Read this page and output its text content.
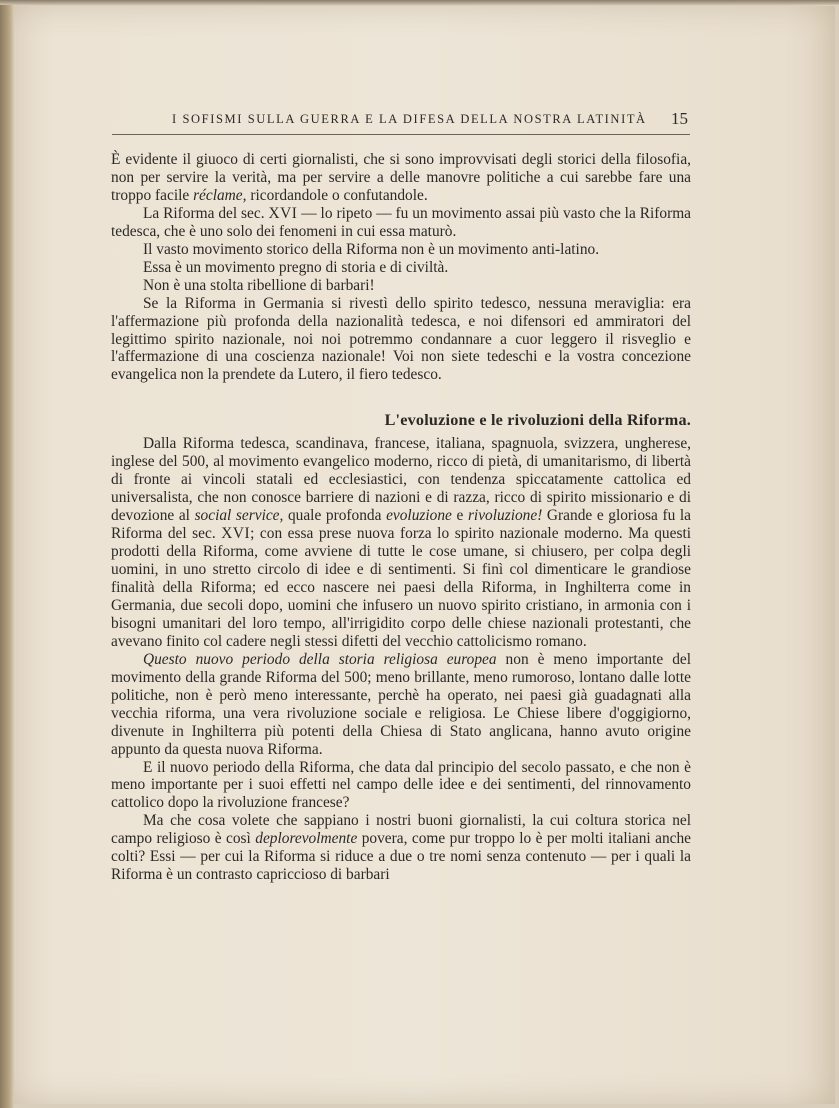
I SOFISMI SULLA GUERRA E LA DIFESA DELLA NOSTRA LATINITÀ 15

È evidente il giuoco di certi giornalisti, che si sono improvvisati degli storici della filosofia, non per servire la verità, ma per servire a delle manovre politiche a cui sarebbe fare una troppo facile réclame, ricordandole o confutandole.

La Riforma del sec. XVI — lo ripeto — fu un movimento assai più vasto che la Riforma tedesca, che è uno solo dei fenomeni in cui essa maturò.

Il vasto movimento storico della Riforma non è un movimento anti-latino.

Essa è un movimento pregno di storia e di civiltà.

Non è una stolta ribellione di barbari!

Se la Riforma in Germania si rivestì dello spirito tedesco, nessuna meraviglia: era l'affermazione più profonda della nazionalità tedesca, e noi difensori ed ammiratori del legittimo spirito nazionale, noi noi potremmo condannare a cuor leggero il risveglio e l'affermazione di una coscienza nazionale! Voi non siete tedeschi e la vostra concezione evangelica non la prendete da Lutero, il fiero tedesco.

L'evoluzione e le rivoluzioni della Riforma.

Dalla Riforma tedesca, scandinava, francese, italiana, spagnuola, svizzera, ungherese, inglese del 500, al movimento evangelico moderno, ricco di pietà, di umanitarismo, di libertà di fronte ai vincoli statali ed ecclesiastici, con tendenza spiccatamente cattolica ed universalista, che non conosce barriere di nazioni e di razza, ricco di spirito missionario e di devozione al social service, quale profonda evoluzione e rivoluzione! Grande e gloriosa fu la Riforma del sec. XVI; con essa prese nuova forza lo spirito nazionale moderno. Ma questi prodotti della Riforma, come avviene di tutte le cose umane, si chiusero, per colpa degli uomini, in uno stretto circolo di idee e di sentimenti. Si finì col dimenticare le grandiose finalità della Riforma; ed ecco nascere nei paesi della Riforma, in Inghilterra come in Germania, due secoli dopo, uomini che infusero un nuovo spirito cristiano, in armonia con i bisogni umanitari del loro tempo, all'irrigidito corpo delle chiese nazionali protestanti, che avevano finito col cadere negli stessi difetti del vecchio cattolicismo romano.

Questo nuovo periodo della storia religiosa europea non è meno importante del movimento della grande Riforma del 500; meno brillante, meno rumoroso, lontano dalle lotte politiche, non è però meno interessante, perchè ha operato, nei paesi già guadagnati alla vecchia riforma, una vera rivoluzione sociale e religiosa. Le Chiese libere d'oggigiorno, divenute in Inghilterra più potenti della Chiesa di Stato anglicana, hanno avuto origine appunto da questa nuova Riforma.

E il nuovo periodo della Riforma, che data dal principio del secolo passato, e che non è meno importante per i suoi effetti nel campo delle idee e dei sentimenti, del rinnovamento cattolico dopo la rivoluzione francese?

Ma che cosa volete che sappiano i nostri buoni giornalisti, la cui coltura storica nel campo religioso è così deplorevolmente povera, come pur troppo lo è per molti italiani anche colti? Essi — per cui la Riforma si riduce a due o tre nomi senza contenuto — per i quali la Riforma è un contrasto capriccioso di barbari
